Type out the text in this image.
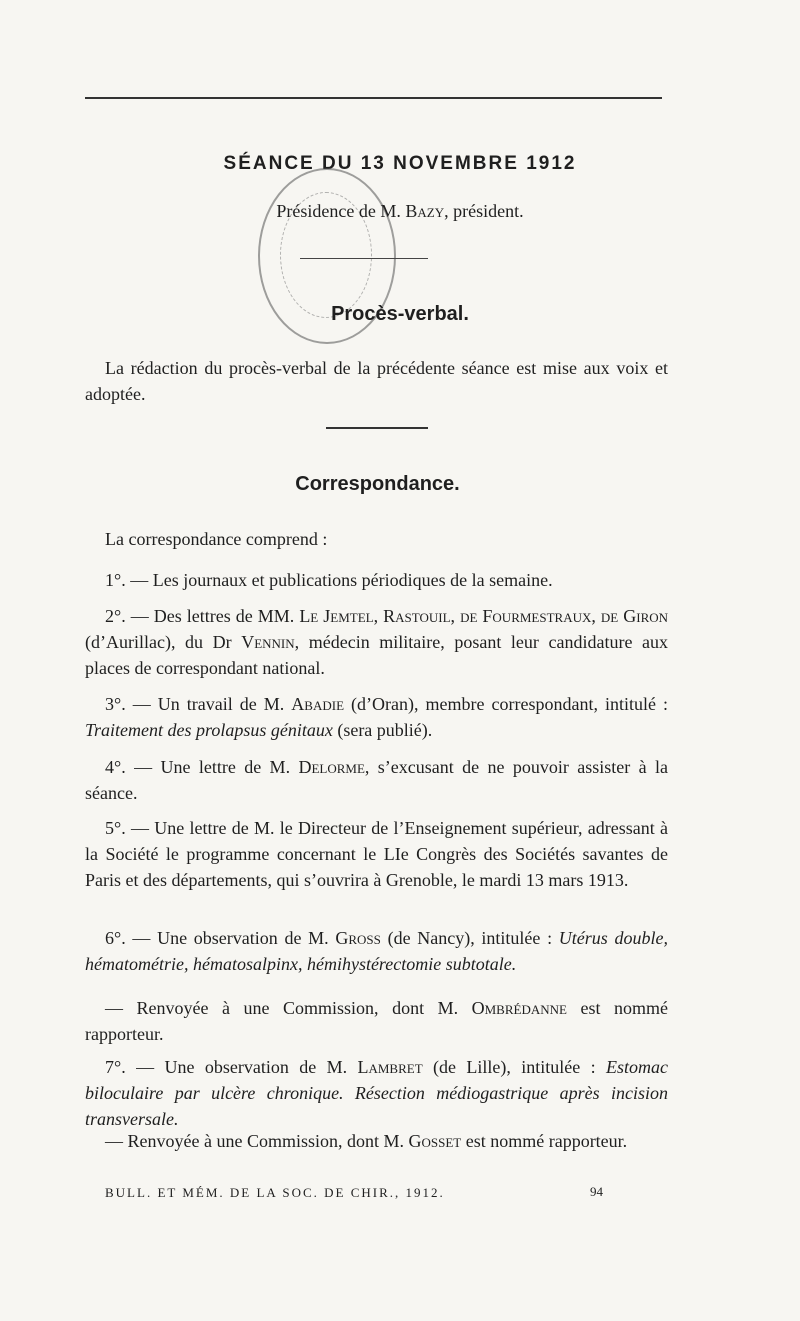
SÉANCE DU 13 NOVEMBRE 1912
Présidence de M. Bazy, président.
Procès-verbal.
La rédaction du procès-verbal de la précédente séance est mise aux voix et adoptée.
Correspondance.
La correspondance comprend :
1°. — Les journaux et publications périodiques de la semaine.
2°. — Des lettres de MM. Le Jemtel, Rastouil, de Fourmestraux, de Giron (d’Aurillac), du Dr Vennin, médecin militaire, posant leur candidature aux places de correspondant national.
3°. — Un travail de M. Abadie (d’Oran), membre correspondant, intitulé : Traitement des prolapsus génitaux (sera publié).
4°. — Une lettre de M. Delorme, s’excusant de ne pouvoir assister à la séance.
5°. — Une lettre de M. le Directeur de l’Enseignement supérieur, adressant à la Société le programme concernant le LIe Congrès des Sociétés savantes de Paris et des départements, qui s’ouvrira à Grenoble, le mardi 13 mars 1913.
6°. — Une observation de M. Gross (de Nancy), intitulée : Utérus double, hématométrie, hématosalpinx, hémihystérectomie subtotale.
— Renvoyée à une Commission, dont M. Ombrédanne est nommé rapporteur.
7°. — Une observation de M. Lambret (de Lille), intitulée : Estomac biloculaire par ulcère chronique. Résection médiogastrique après incision transversale.
— Renvoyée à une Commission, dont M. Gosset est nommé rapporteur.
BULL. ET MÉM. DE LA SOC. DE CHIR., 1912.	94
